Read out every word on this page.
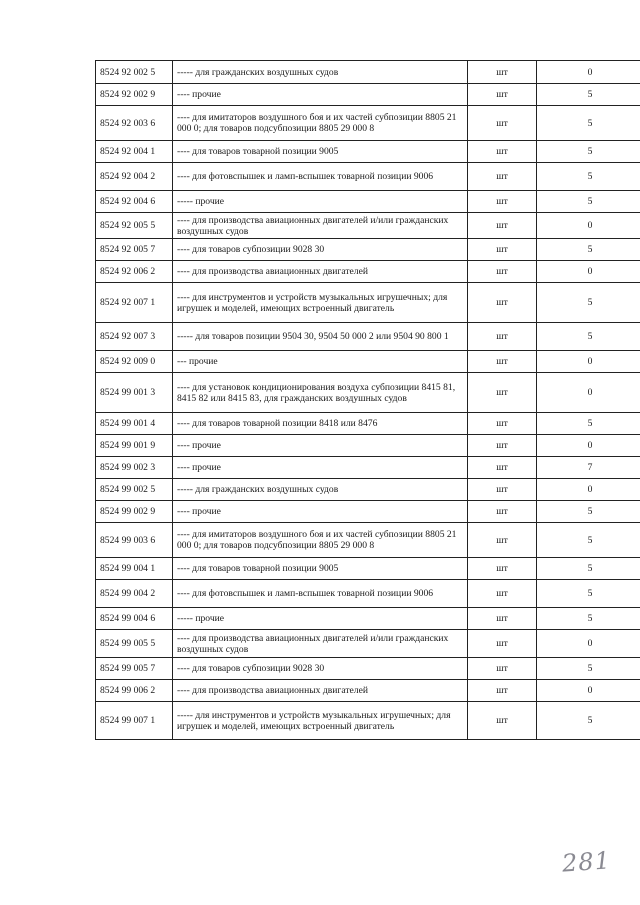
8524 92 002 5	----- для гражданских воздушных судов	шт	0
8524 92 002 9	---- прочие	шт	5
8524 92 003 6	---- для имитаторов воздушного боя и их частей субпозиции 8805 21 000 0; для товаров подсубпозиции 8805 29 000 8	шт	5
8524 92 004 1	---- для товаров товарной позиции 9005	шт	5
8524 92 004 2	---- для фотовспышек и ламп-вспышек товарной позиции 9006	шт	5
8524 92 004 6	----- прочие	шт	5
8524 92 005 5	---- для производства авиационных двигателей и/или гражданских воздушных судов	шт	0
8524 92 005 7	---- для товаров субпозиции 9028 30	шт	5
8524 92 006 2	---- для производства авиационных двигателей	шт	0
8524 92 007 1	---- для инструментов и устройств музыкальных игрушечных; для игрушек и моделей, имеющих встроенный двигатель	шт	5
8524 92 007 3	----- для товаров позиции 9504 30, 9504 50 000 2 или 9504 90 800 1	шт	5
8524 92 009 0	--- прочие	шт	0
8524 99 001 3	---- для установок кондиционирования воздуха субпозиции 8415 81, 8415 82 или 8415 83, для гражданских воздушных судов	шт	0
8524 99 001 4	---- для товаров товарной позиции 8418 или 8476	шт	5
8524 99 001 9	---- прочие	шт	0
8524 99 002 3	---- прочие	шт	7
8524 99 002 5	----- для гражданских воздушных судов	шт	0
8524 99 002 9	---- прочие	шт	5
8524 99 003 6	---- для имитаторов воздушного боя и их частей субпозиции 8805 21 000 0; для товаров подсубпозиции 8805 29 000 8	шт	5
8524 99 004 1	---- для товаров товарной позиции 9005	шт	5
8524 99 004 2	---- для фотовспышек и ламп-вспышек товарной позиции 9006	шт	5
8524 99 004 6	----- прочие	шт	5
8524 99 005 5	---- для производства авиационных двигателей и/или гражданских воздушных судов	шт	0
8524 99 005 7	---- для товаров субпозиции 9028 30	шт	5
8524 99 006 2	---- для производства авиационных двигателей	шт	0
8524 99 007 1	----- для инструментов и устройств музыкальных игрушечных; для игрушек и моделей, имеющих встроенный двигатель	шт	5
281
